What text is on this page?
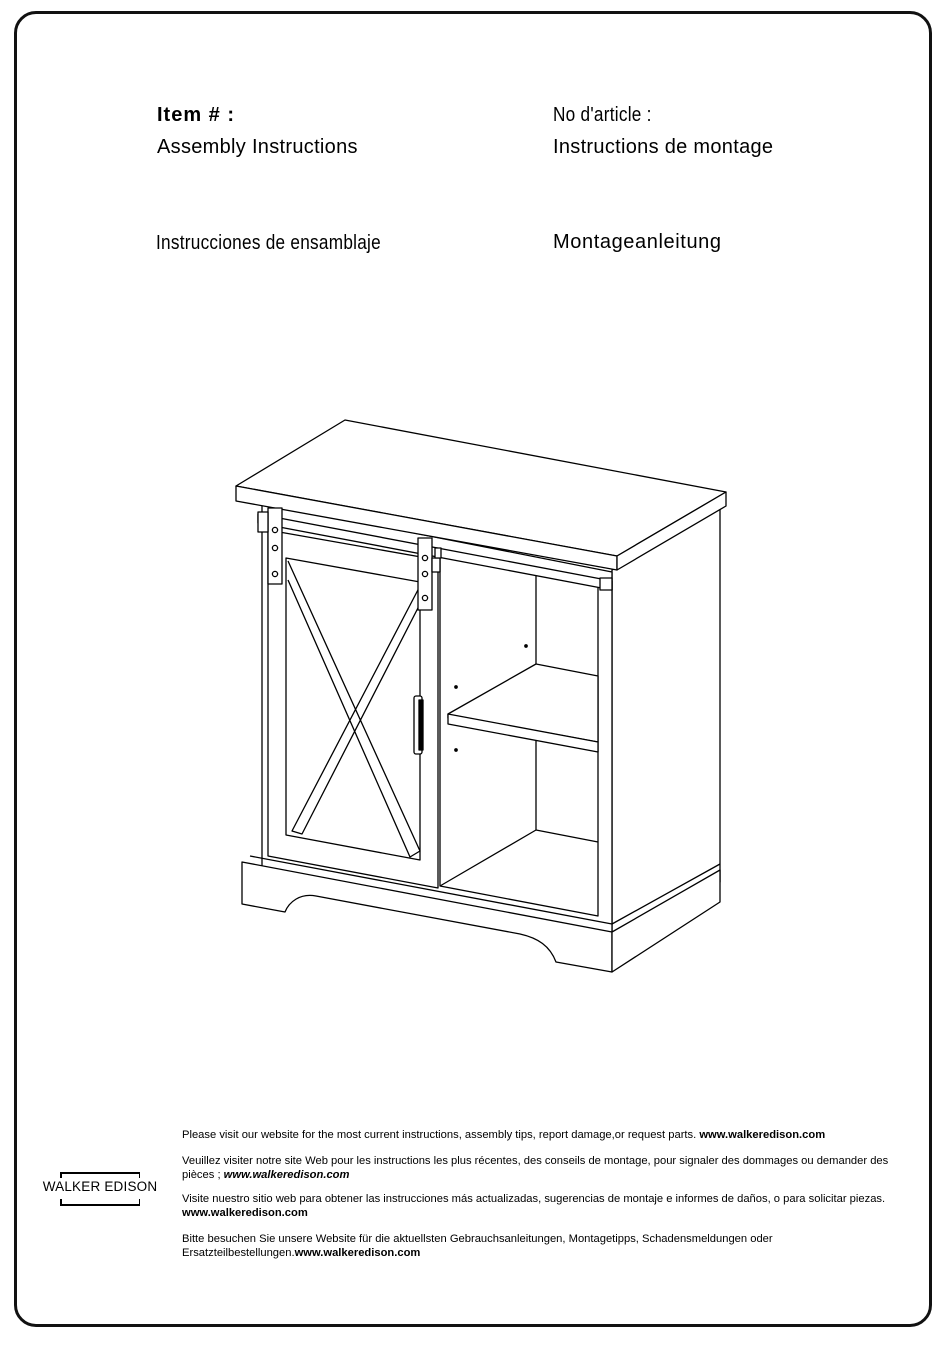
Item # :
Assembly Instructions
No d'article :
Instructions de montage
Instrucciones de ensamblaje	Montageanleitung
WALKER EDISON
Please visit our website for the most current instructions, assembly tips, report damage,or request parts. www.walkeredison.com
Veuillez visiter notre site Web pour les instructions les plus récentes, des conseils de montage, pour signaler des dommages ou demander des pièces ; www.walkeredison.com
Visite nuestro sitio web para obtener las instrucciones más actualizadas, sugerencias de montaje e informes de daños, o para solicitar piezas. www.walkeredison.com
Bitte besuchen Sie unsere Website für die aktuellsten Gebrauchsanleitungen, Montagetipps, Schadensmeldungen oder Ersatzteilbestellungen.www.walkeredison.com
